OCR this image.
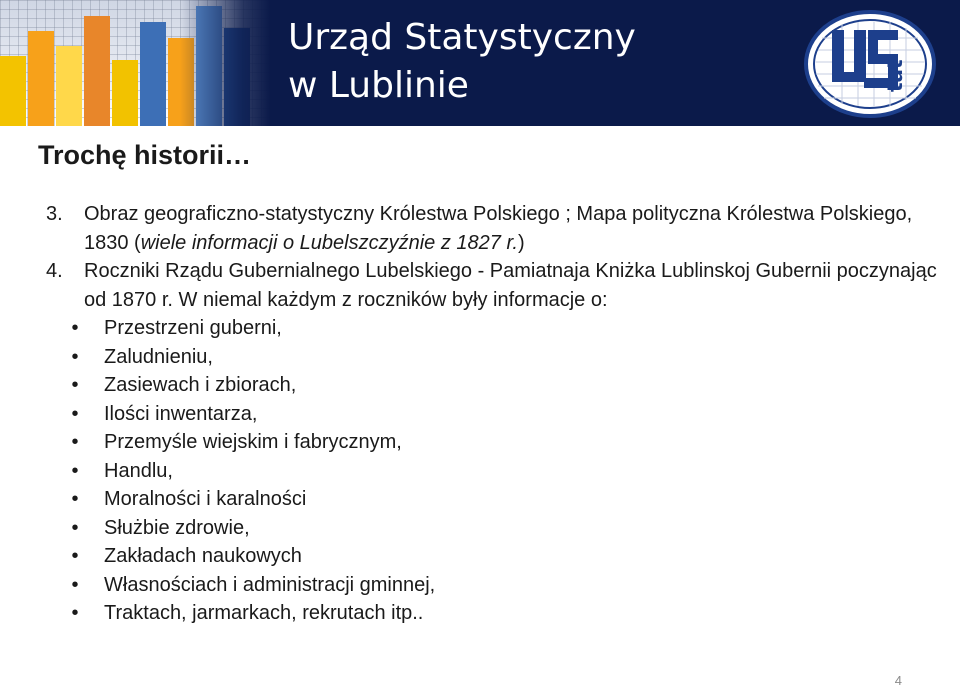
Urząd Statystyczny
w Lublinie	tat
Trochę historii…
3.	Obraz geograficzno-statystyczny Królestwa Polskiego ; Mapa polityczna Królestwa Polskiego, 1830 (wiele informacji o Lubelszczyźnie z 1827 r.)
4.	Roczniki Rządu Gubernialnego Lubelskiego - Pamiatnaja Kniżka Lublinskoj Gubernii poczynając od 1870 r. W niemal każdym z roczników były informacje o:
•
Przestrzeni guberni,
•
Zaludnieniu,
•
Zasiewach i zbiorach,
•
Ilości inwentarza,
•
Przemyśle wiejskim i fabrycznym,
•
Handlu,
•
Moralności i karalności
•
Służbie zdrowie,
•
Zakładach naukowych
•
Własnościach i administracji gminnej,
•
Traktach, jarmarkach, rekrutach itp..
4
